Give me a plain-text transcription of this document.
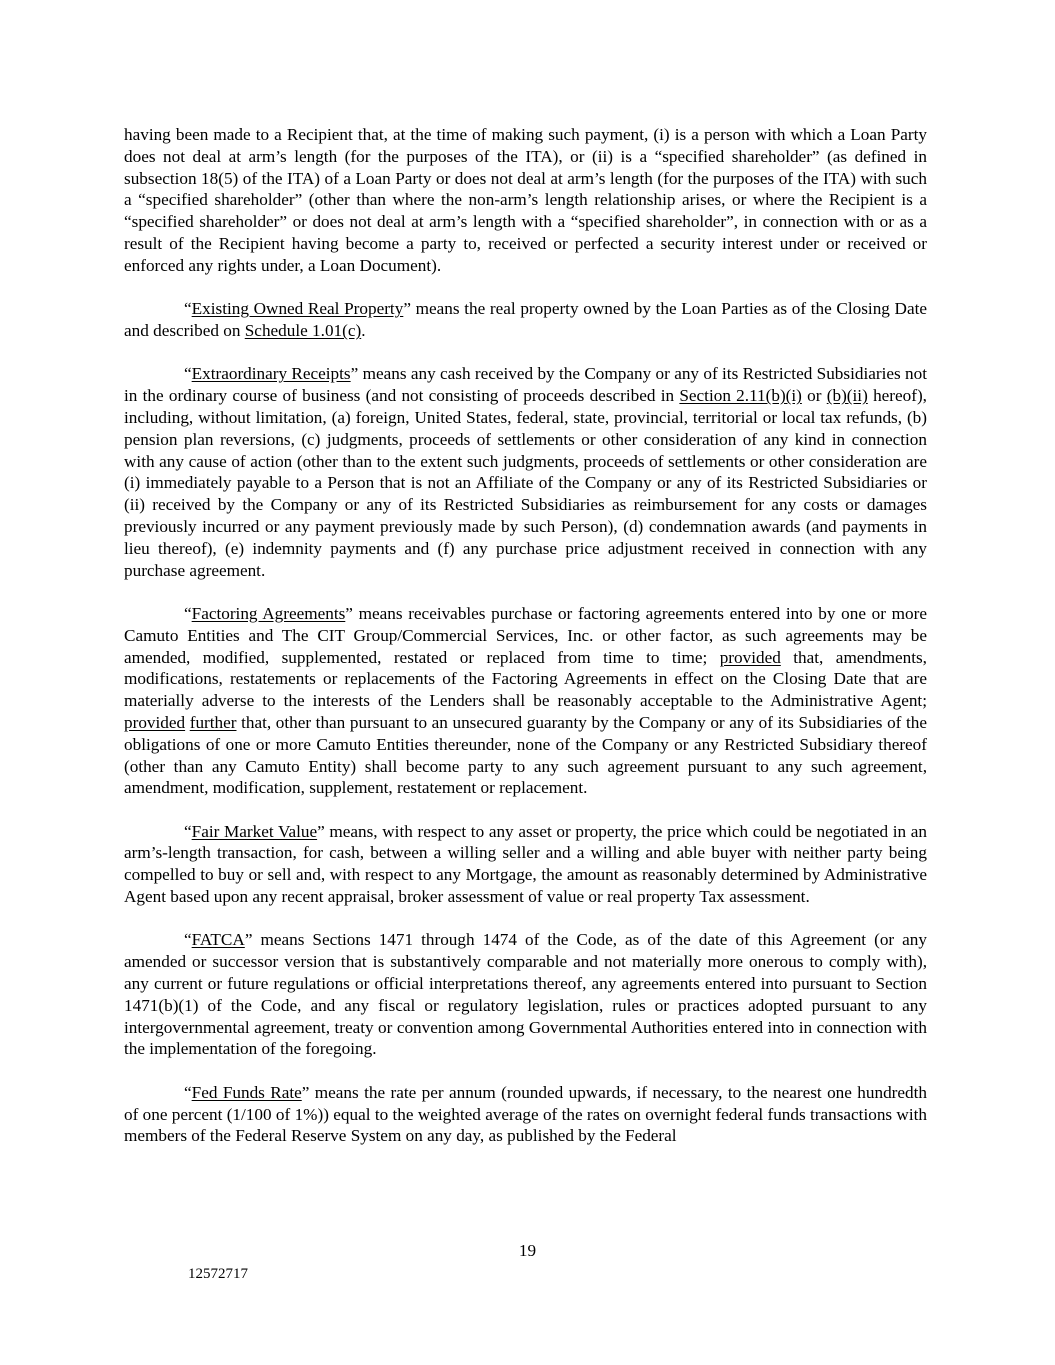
having been made to a Recipient that, at the time of making such payment, (i) is a person with which a Loan Party does not deal at arm’s length (for the purposes of the ITA), or (ii) is a “specified shareholder” (as defined in subsection 18(5) of the ITA) of a Loan Party or does not deal at arm’s length (for the purposes of the ITA) with such a “specified shareholder” (other than where the non-arm’s length relationship arises, or where the Recipient is a “specified shareholder” or does not deal at arm’s length with a “specified shareholder”, in connection with or as a result of the Recipient having become a party to, received or perfected a security interest under or received or enforced any rights under, a Loan Document).

“Existing Owned Real Property” means the real property owned by the Loan Parties as of the Closing Date and described on Schedule 1.01(c).

“Extraordinary Receipts” means any cash received by the Company or any of its Restricted Subsidiaries not in the ordinary course of business (and not consisting of proceeds described in Section 2.11(b)(i) or (b)(ii) hereof), including, without limitation, (a) foreign, United States, federal, state, provincial, territorial or local tax refunds, (b) pension plan reversions, (c) judgments, proceeds of settlements or other consideration of any kind in connection with any cause of action (other than to the extent such judgments, proceeds of settlements or other consideration are (i) immediately payable to a Person that is not an Affiliate of the Company or any of its Restricted Subsidiaries or (ii) received by the Company or any of its Restricted Subsidiaries as reimbursement for any costs or damages previously incurred or any payment previously made by such Person), (d) condemnation awards (and payments in lieu thereof), (e) indemnity payments and (f) any purchase price adjustment received in connection with any purchase agreement.

“Factoring Agreements” means receivables purchase or factoring agreements entered into by one or more Camuto Entities and The CIT Group/Commercial Services, Inc. or other factor, as such agreements may be amended, modified, supplemented, restated or replaced from time to time; provided that, amendments, modifications, restatements or replacements of the Factoring Agreements in effect on the Closing Date that are materially adverse to the interests of the Lenders shall be reasonably acceptable to the Administrative Agent; provided further that, other than pursuant to an unsecured guaranty by the Company or any of its Subsidiaries of the obligations of one or more Camuto Entities thereunder, none of the Company or any Restricted Subsidiary thereof (other than any Camuto Entity) shall become party to any such agreement pursuant to any such agreement, amendment, modification, supplement, restatement or replacement.

“Fair Market Value” means, with respect to any asset or property, the price which could be negotiated in an arm’s-length transaction, for cash, between a willing seller and a willing and able buyer with neither party being compelled to buy or sell and, with respect to any Mortgage, the amount as reasonably determined by Administrative Agent based upon any recent appraisal, broker assessment of value or real property Tax assessment.

“FATCA” means Sections 1471 through 1474 of the Code, as of the date of this Agreement (or any amended or successor version that is substantively comparable and not materially more onerous to comply with), any current or future regulations or official interpretations thereof, any agreements entered into pursuant to Section 1471(b)(1) of the Code, and any fiscal or regulatory legislation, rules or practices adopted pursuant to any intergovernmental agreement, treaty or convention among Governmental Authorities entered into in connection with the implementation of the foregoing.

“Fed Funds Rate” means the rate per annum (rounded upwards, if necessary, to the nearest one hundredth of one percent (1/100 of 1%)) equal to the weighted average of the rates on overnight federal funds transactions with members of the Federal Reserve System on any day, as published by the Federal

19
12572717
